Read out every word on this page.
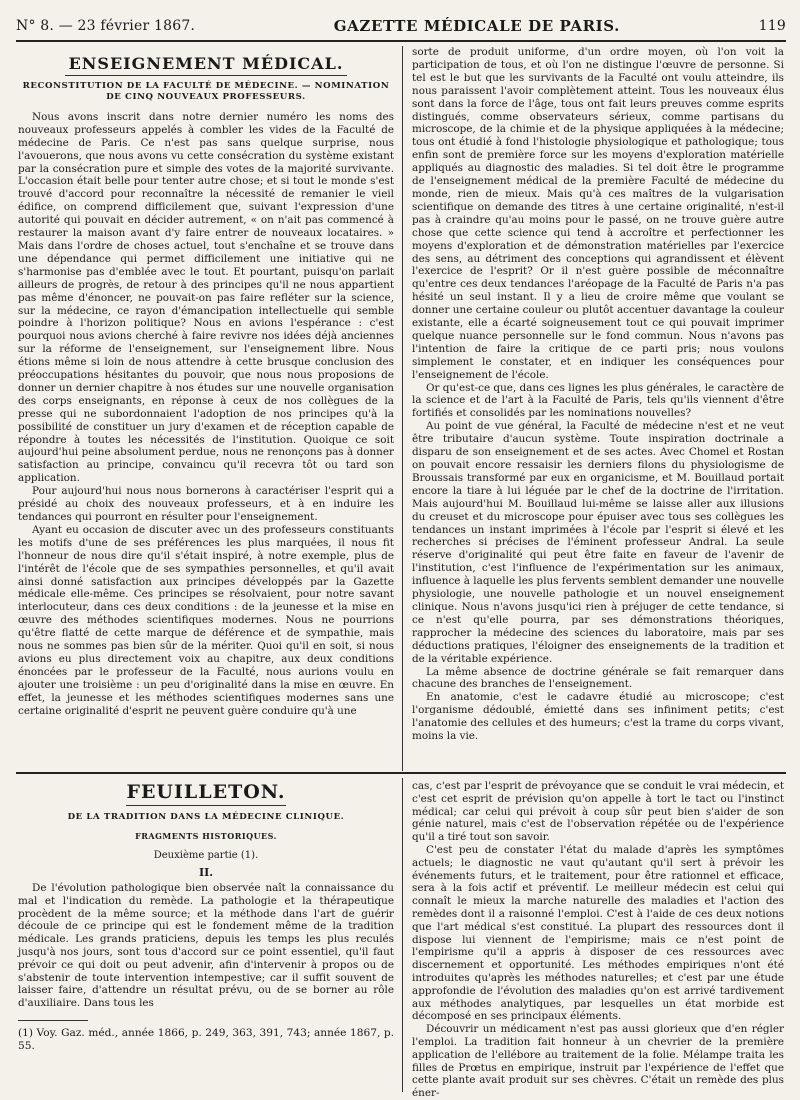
N° 8. — 23 février 1867.	GAZETTE MÉDICALE DE PARIS.	119
ENSEIGNEMENT MÉDICAL.
RECONSTITUTION DE LA FACULTÉ DE MÉDECINE. — NOMINATION DE CINQ NOUVEAUX PROFESSEURS.

Nous avons inscrit dans notre dernier numéro les noms des nouveaux professeurs appelés à combler les vides de la Faculté de médecine de Paris. Ce n'est pas sans quelque surprise, nous l'avouerons, que nous avons vu cette consécration du système existant par la consécration pure et simple des votes de la majorité survivante. L'occasion était belle pour tenter autre chose; et si tout le monde s'est trouvé d'accord pour reconnaître la nécessité de remanier le vieil édifice, on comprend difficilement que, suivant l'expression d'une autorité qui pouvait en décider autrement, « on n'ait pas commencé à restaurer la maison avant d'y faire entrer de nouveaux locataires. » Mais dans l'ordre de choses actuel, tout s'enchaîne et se trouve dans une dépendance qui permet difficilement une initiative qui ne s'harmonise pas d'emblée avec le tout. Et pourtant, puisqu'on parlait ailleurs de progrès, de retour à des principes qu'il ne nous appartient pas même d'énoncer, ne pouvait-on pas faire refléter sur la science, sur la médecine, ce rayon d'émancipation intellectuelle qui semble poindre à l'horizon politique? Nous en avions l'espérance : c'est pourquoi nous avions cherché à faire revivre nos idées déjà anciennes sur la réforme de l'enseignement, sur l'enseignement libre. Nous étions même si loin de nous attendre à cette brusque conclusion des préoccupations hésitantes du pouvoir, que nous nous proposions de donner un dernier chapitre à nos études sur une nouvelle organisation des corps enseignants, en réponse à ceux de nos collègues de la presse qui ne subordonnaient l'adoption de nos principes qu'à la possibilité de constituer un jury d'examen et de réception capable de répondre à toutes les nécessités de l'institution. Quoique ce soit aujourd'hui peine absolument perdue, nous ne renonçons pas à donner satisfaction au principe, convaincu qu'il recevra tôt ou tard son application.

Pour aujourd'hui nous nous bornerons à caractériser l'esprit qui a présidé au choix des nouveaux professeurs, et à en induire les tendances qui pourront en résulter pour l'enseignement.

Ayant eu occasion de discuter avec un des professeurs constituants les motifs d'une de ses préférences les plus marquées, il nous fit l'honneur de nous dire qu'il s'était inspiré, à notre exemple, plus de l'intérêt de l'école que de ses sympathies personnelles, et qu'il avait ainsi donné satisfaction aux principes développés par la Gazette médicale elle-même. Ces principes se résolvaient, pour notre savant interlocuteur, dans ces deux conditions : de la jeunesse et la mise en œuvre des méthodes scientifiques modernes. Nous ne pourrions qu'être flatté de cette marque de déférence et de sympathie, mais nous ne sommes pas bien sûr de la mériter. Quoi qu'il en soit, si nous avions eu plus directement voix au chapitre, aux deux conditions énoncées par le professeur de la Faculté, nous aurions voulu en ajouter une troisième : un peu d'originalité dans la mise en œuvre. En effet, la jeunesse et les méthodes scientifiques modernes sans une certaine originalité d'esprit ne peuvent guère conduire qu'à une

sorte de produit uniforme, d'un ordre moyen, où l'on voit la participation de tous, et où l'on ne distingue l'œuvre de personne. Si tel est le but que les survivants de la Faculté ont voulu atteindre, ils nous paraissent l'avoir complètement atteint. Tous les nouveaux élus sont dans la force de l'âge, tous ont fait leurs preuves comme esprits distingués, comme observateurs sérieux, comme partisans du microscope, de la chimie et de la physique appliquées à la médecine; tous ont étudié à fond l'histologie physiologique et pathologique; tous enfin sont de première force sur les moyens d'exploration matérielle appliqués au diagnostic des maladies. Si tel doit être le programme de l'enseignement médical de la première Faculté de médecine du monde, rien de mieux. Mais qu'à ces maîtres de la vulgarisation scientifique on demande des titres à une certaine originalité, n'est-il pas à craindre qu'au moins pour le passé, on ne trouve guère autre chose que cette science qui tend à accroître et perfectionner les moyens d'exploration et de démonstration matérielles par l'exercice des sens, au détriment des conceptions qui agrandissent et élèvent l'exercice de l'esprit? Or il n'est guère possible de méconnaître qu'entre ces deux tendances l'aréopage de la Faculté de Paris n'a pas hésité un seul instant. Il y a lieu de croire même que voulant se donner une certaine couleur ou plutôt accentuer davantage la couleur existante, elle a écarté soigneusement tout ce qui pouvait imprimer quelque nuance personnelle sur le fond commun. Nous n'avons pas l'intention de faire la critique de ce parti pris; nous voulons simplement le constater, et en indiquer les conséquences pour l'enseignement de l'école.

Or qu'est-ce que, dans ces lignes les plus générales, le caractère de la science et de l'art à la Faculté de Paris, tels qu'ils viennent d'être fortifiés et consolidés par les nominations nouvelles?

Au point de vue général, la Faculté de médecine n'est et ne veut être tributaire d'aucun système. Toute inspiration doctrinale a disparu de son enseignement et de ses actes. Avec Chomel et Rostan on pouvait encore ressaisir les derniers filons du physiologisme de Broussais transformé par eux en organicisme, et M. Bouillaud portait encore la tiare à lui léguée par le chef de la doctrine de l'irritation. Mais aujourd'hui M. Bouillaud lui-même se laisse aller aux illusions du creuset et du microscope pour épuiser avec tous ses collègues les tendances un instant imprimées à l'école par l'esprit si élevé et les recherches si précises de l'éminent professeur Andral. La seule réserve d'originalité qui peut être faite en faveur de l'avenir de l'institution, c'est l'influence de l'expérimentation sur les animaux, influence à laquelle les plus fervents semblent demander une nouvelle physiologie, une nouvelle pathologie et un nouvel enseignement clinique. Nous n'avons jusqu'ici rien à préjuger de cette tendance, si ce n'est qu'elle pourra, par ses démonstrations théoriques, rapprocher la médecine des sciences du laboratoire, mais par ses déductions pratiques, l'éloigner des enseignements de la tradition et de la véritable expérience.

La même absence de doctrine générale se fait remarquer dans chacune des branches de l'enseignement.

En anatomie, c'est le cadavre étudié au microscope; c'est l'organisme dédoublé, émietté dans ses infiniment petits; c'est l'anatomie des cellules et des humeurs; c'est la trame du corps vivant, moins la vie.

FEUILLETON.
DE LA TRADITION DANS LA MÉDECINE CLINIQUE.
FRAGMENTS HISTORIQUES.
Deuxième partie (1).
II.

De l'évolution pathologique bien observée naît la connaissance du mal et l'indication du remède. La pathologie et la thérapeutique procèdent de la même source; et la méthode dans l'art de guérir découle de ce principe qui est le fondement même de la tradition médicale. Les grands praticiens, depuis les temps les plus reculés jusqu'à nos jours, sont tous d'accord sur ce point essentiel, qu'il faut prévoir ce qui doit ou peut advenir, afin d'intervenir à propos ou de s'abstenir de toute intervention intempestive; car il suffit souvent de laisser faire, d'attendre un résultat prévu, ou de se borner au rôle d'auxiliaire. Dans tous les

(1) Voy. Gaz. méd., année 1866, p. 249, 363, 391, 743; année 1867, p. 55.

cas, c'est par l'esprit de prévoyance que se conduit le vrai médecin, et c'est cet esprit de prévision qu'on appelle à tort le tact ou l'instinct médical; car celui qui prévoit à coup sûr peut bien s'aider de son génie naturel, mais c'est de l'observation répétée ou de l'expérience qu'il a tiré tout son savoir.

C'est peu de constater l'état du malade d'après les symptômes actuels; le diagnostic ne vaut qu'autant qu'il sert à prévoir les événements futurs, et le traitement, pour être rationnel et efficace, sera à la fois actif et préventif. Le meilleur médecin est celui qui connaît le mieux la marche naturelle des maladies et l'action des remèdes dont il a raisonné l'emploi. C'est à l'aide de ces deux notions que l'art médical s'est constitué. La plupart des ressources dont il dispose lui viennent de l'empirisme; mais ce n'est point de l'empirisme qu'il a appris à disposer de ces ressources avec discernement et opportunité. Les méthodes empiriques n'ont été introduites qu'après les méthodes naturelles; et c'est par une étude approfondie de l'évolution des maladies qu'on est arrivé tardivement aux méthodes analytiques, par lesquelles un état morbide est décomposé en ses principaux éléments.

Découvrir un médicament n'est pas aussi glorieux que d'en régler l'emploi. La tradition fait honneur à un chevrier de la première application de l'ellébore au traitement de la folie. Mélampe traita les filles de Prœtus en empirique, instruit par l'expérience de l'effet que cette plante avait produit sur ses chèvres. C'était un remède des plus éner-
